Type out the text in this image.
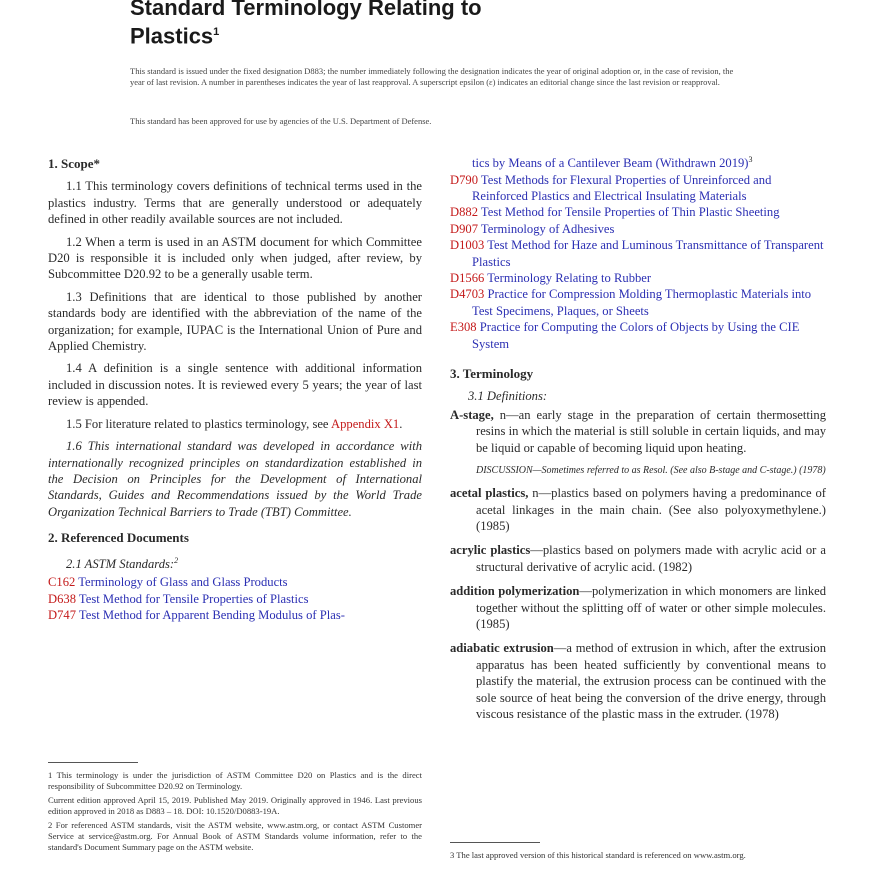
Standard Terminology Relating to
Plastics$^1$
This standard is issued under the fixed designation D883; the number immediately following the designation indicates the year of original adoption or, in the case of revision, the year of last revision. A number in parentheses indicates the year of last reapproval. A superscript epsilon (ε) indicates an editorial change since the last revision or reapproval.
This standard has been approved for use by agencies of the U.S. Department of Defense.
1. Scope*

1.1 This terminology covers definitions of technical terms used in the plastics industry. Terms that are generally understood or adequately defined in other readily available sources are not included.

1.2 When a term is used in an ASTM document for which Committee D20 is responsible it is included only when judged, after review, by Subcommittee D20.92 to be a generally usable term.

1.3 Definitions that are identical to those published by another standards body are identified with the abbreviation of the name of the organization; for example, IUPAC is the International Union of Pure and Applied Chemistry.

1.4 A definition is a single sentence with additional information included in discussion notes. It is reviewed every 5 years; the year of last review is appended.

1.5 For literature related to plastics terminology, see Appendix X1.

1.6 This international standard was developed in accordance with internationally recognized principles on standardization established in the Decision on Principles for the Development of International Standards, Guides and Recommendations issued by the World Trade Organization Technical Barriers to Trade (TBT) Committee.

2. Referenced Documents

2.1 ASTM Standards:$^2$

C162 Terminology of Glass and Glass Products
D638 Test Method for Tensile Properties of Plastics
D747 Test Method for Apparent Bending Modulus of Plas-
tics by Means of a Cantilever Beam (Withdrawn 2019)$^3$
D790 Test Methods for Flexural Properties of Unreinforced and Reinforced Plastics and Electrical Insulating Materials
D882 Test Method for Tensile Properties of Thin Plastic Sheeting
D907 Terminology of Adhesives
D1003 Test Method for Haze and Luminous Transmittance of Transparent Plastics
D1566 Terminology Relating to Rubber
D4703 Practice for Compression Molding Thermoplastic Materials into Test Specimens, Plaques, or Sheets
E308 Practice for Computing the Colors of Objects by Using the CIE System
3. Terminology

3.1 Definitions:

A-stage, n—an early stage in the preparation of certain thermosetting resins in which the material is still soluble in certain liquids, and may be liquid or capable of becoming liquid upon heating.

DISCUSSION—Sometimes referred to as Resol. (See also B-stage and C-stage.) (1978)

acetal plastics, n—plastics based on polymers having a predominance of acetal linkages in the main chain. (See also polyoxymethylene.) (1985)

acrylic plastics—plastics based on polymers made with acrylic acid or a structural derivative of acrylic acid. (1982)

addition polymerization—polymerization in which monomers are linked together without the splitting off of water or other simple molecules. (1985)

adiabatic extrusion—a method of extrusion in which, after the extrusion apparatus has been heated sufficiently by conventional means to plastify the material, the extrusion process can be continued with the sole source of heat being the conversion of the drive energy, through viscous resistance of the plastic mass in the extruder. (1978)

1 This terminology is under the jurisdiction of ASTM Committee D20 on Plastics and is the direct responsibility of Subcommittee D20.92 on Terminology.

Current edition approved April 15, 2019. Published May 2019. Originally approved in 1946. Last previous edition approved in 2018 as D883 – 18. DOI: 10.1520/D0883-19A.

2 For referenced ASTM standards, visit the ASTM website, www.astm.org, or contact ASTM Customer Service at service@astm.org. For Annual Book of ASTM Standards volume information, refer to the standard's Document Summary page on the ASTM website.

3 The last approved version of this historical standard is referenced on www.astm.org.
